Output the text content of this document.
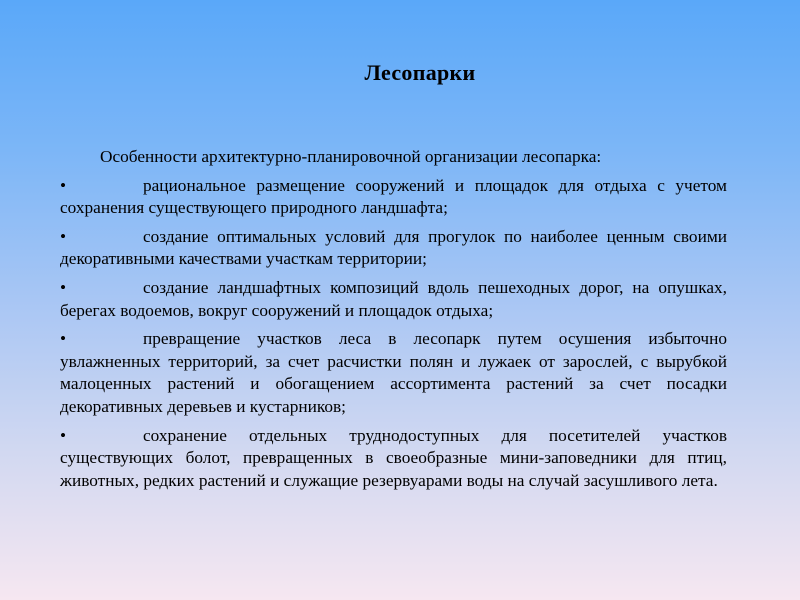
Лесопарки

Особенности архитектурно-планировочной организации лесопарка:

•	рациональное размещение сооружений и площадок для отдыха с учетом сохранения существующего природного ландшафта;

•	создание оптимальных условий для прогулок по наиболее ценным своими декоративными качествами участкам территории;

•	создание ландшафтных композиций вдоль пешеходных дорог, на опушках, берегах водоемов, вокруг сооружений и площадок отдыха;

•	превращение участков леса в лесопарк путем осушения избыточно увлажненных территорий, за счет расчистки полян и лужаек от зарослей, с вырубкой малоценных растений и обогащением ассортимента растений за счет посадки декоративных деревьев и кустарников;

•	сохранение отдельных труднодоступных для посетителей участков существующих болот, превращенных в своеобразные мини-заповедники для птиц, животных, редких растений и служащие резервуарами воды на случай засушливого лета.
